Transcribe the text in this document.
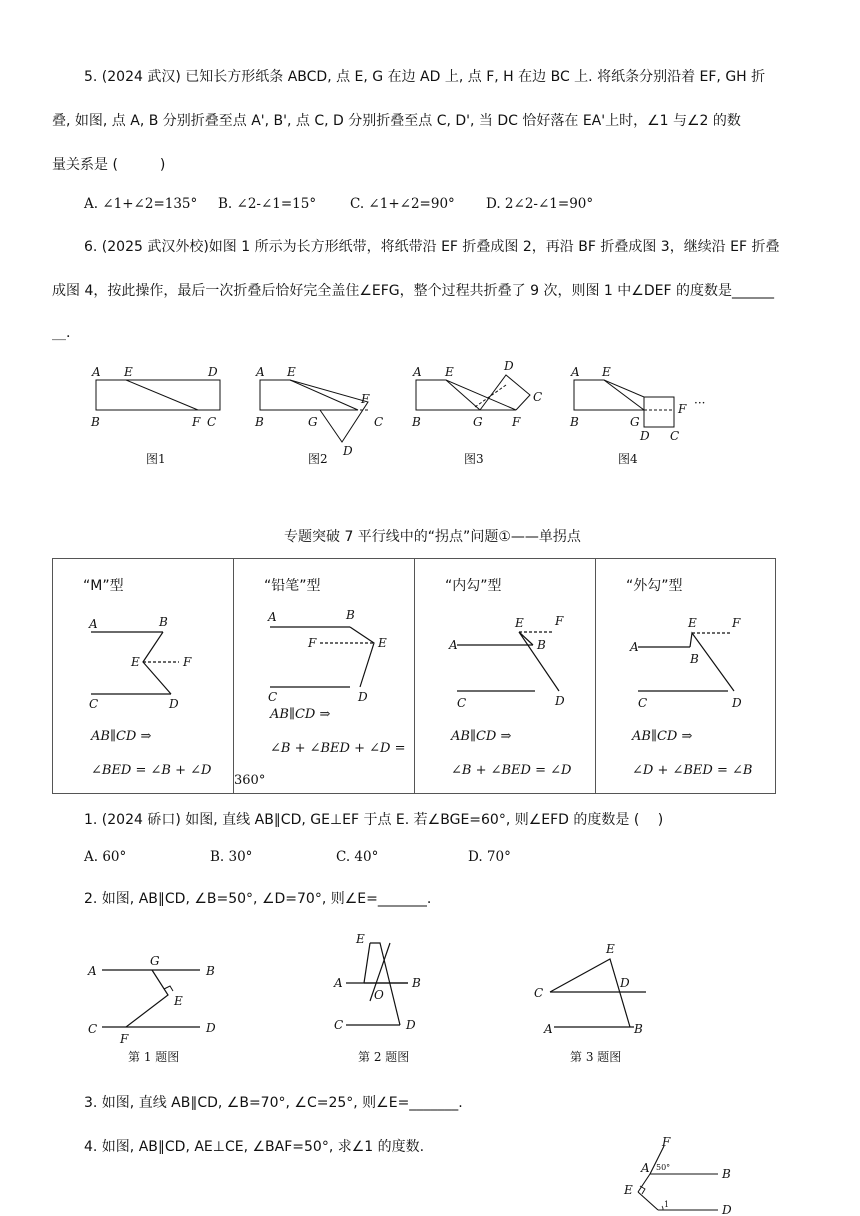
5. (2024 武汉) 已知长方形纸条 ABCD, 点 E, G 在边 AD 上, 点 F, H 在边 BC 上. 将纸条分别沿着 EF, GH 折
叠, 如图, 点 A, B 分别折叠至点 A', B', 点 C, D 分别折叠至点 C, D', 当 DC 恰好落在 EA'上时，∠1 与∠2 的数
量关系是 (　　　)
A. ∠1+∠2=135° B. ∠2-∠1=15°	C. ∠1+∠2=90° D. 2∠2-∠1=90°
6. (2025 武汉外校)如图 1 所示为长方形纸带，将纸带沿 EF 折叠成图 2，再沿 BF 折叠成图 3，继续沿 EF 折叠
成图 4，按此操作，最后一次折叠后恰好完全盖住∠EFG，整个过程共折叠了 9 次，则图 1 中∠DEF 的度数是______
__.
A E	D
B	F C
图1
A E
B	G
F
C
D
图2
A E	D
C
B	G F
图3
A E
B	G
F ···
D C
图4
专题突破 7 平行线中的“拐点”问题①——单拐点
“M”型
A	B
E	F
C	D
AB∥CD ⇒
∠BED = ∠B + ∠D
“铅笔”型
A	B
F	E
C	D
AB∥CD ⇒
∠B + ∠BED + ∠D =
360°
“内勾”型
A
E	F
B
C	D
AB∥CD ⇒
∠B + ∠BED = ∠D
“外勾”型
A
E	F
B
C	D
AB∥CD ⇒
∠D + ∠BED = ∠B
1. (2024 硚口) 如图, 直线 AB∥CD, GE⊥EF 于点 E. 若∠BGE=60°, 则∠EFD 的度数是 (　 )
A. 60°	B. 30°	C. 40°	D. 70°
2. 如图, AB∥CD, ∠B=50°, ∠D=70°, 则∠E=_______.
A
G
B
E
C
F
D
第 1 题图
E
A
O
B
C	D
第 2 题图
C
E
D
A	B
第 3 题图
3. 如图, 直线 AB∥CD, ∠B=70°, ∠C=25°, 则∠E=_______.
4. 如图, AB∥CD, AE⊥CE, ∠BAF=50°, 求∠1 的度数.	F
A 50°	B
E
1	D
